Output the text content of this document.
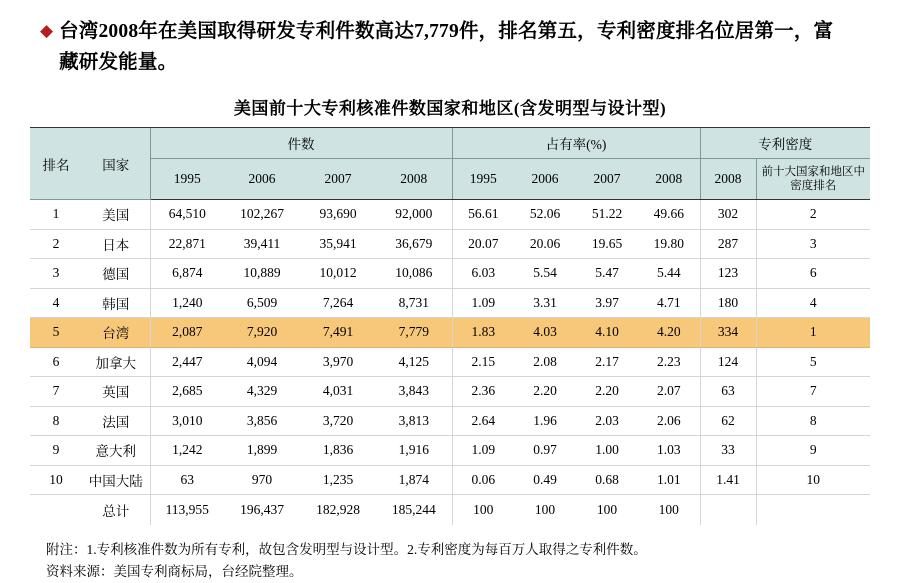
◆ 台湾2008年在美国取得研发专利件数高达7,779件，排名第五，专利密度排名位居第一，富藏研发能量。
美国前十大专利核准件数国家和地区(含发明型与设计型)
排名	国家	件数				占有率(%)				专利密度	
		1995	2006	2007	2008	1995	2006	2007	2008	2008	前十大国家和地区中密度排名
1	美国	64,510	102,267	93,690	92,000	56.61	52.06	51.22	49.66	302	2
2	日本	22,871	39,411	35,941	36,679	20.07	20.06	19.65	19.80	287	3
3	德国	6,874	10,889	10,012	10,086	6.03	5.54	5.47	5.44	123	6
4	韩国	1,240	6,509	7,264	8,731	1.09	3.31	3.97	4.71	180	4
5	台湾	2,087	7,920	7,491	7,779	1.83	4.03	4.10	4.20	334	1
6	加拿大	2,447	4,094	3,970	4,125	2.15	2.08	2.17	2.23	124	5
7	英国	2,685	4,329	4,031	3,843	2.36	2.20	2.20	2.07	63	7
8	法国	3,010	3,856	3,720	3,813	2.64	1.96	2.03	2.06	62	8
9	意大利	1,242	1,899	1,836	1,916	1.09	0.97	1.00	1.03	33	9
10	中国大陆	63	970	1,235	1,874	0.06	0.49	0.68	1.01	1.41	10
	总计	113,955	196,437	182,928	185,244	100	100	100	100		
附注：1.专利核准件数为所有专利，故包含发明型与设计型。2.专利密度为每百万人取得之专利件数。
资料来源：美国专利商标局，台经院整理。
